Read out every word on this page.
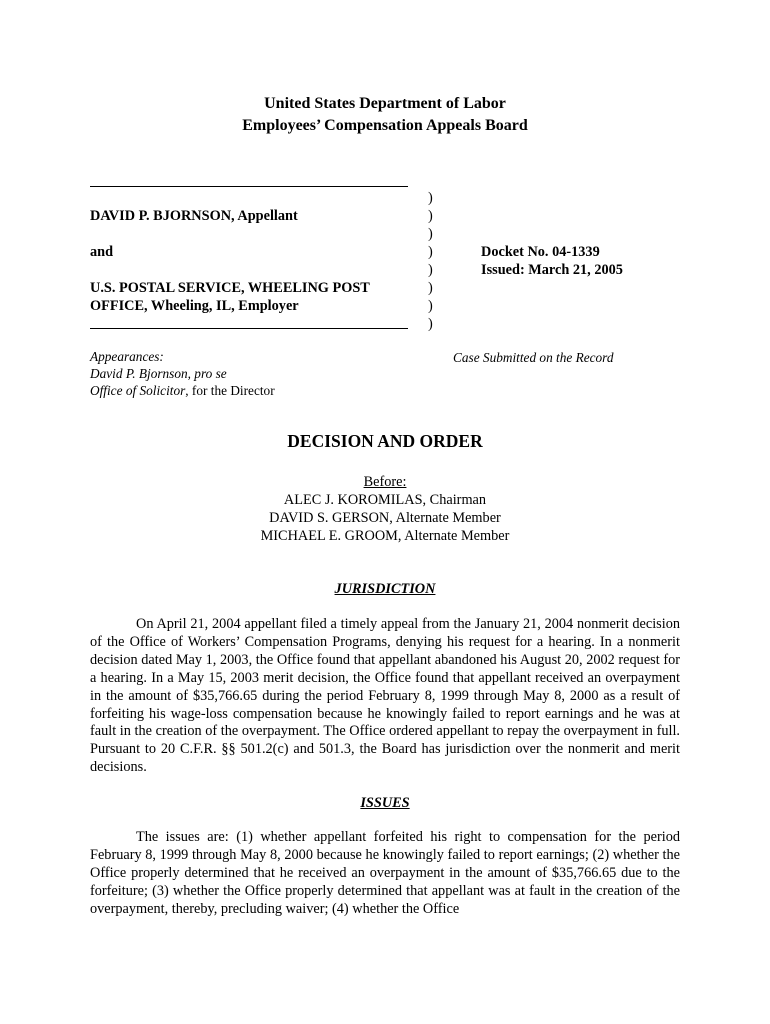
United States Department of Labor
Employees’ Compensation Appeals Board
DAVID P. BJORNSON, Appellant
and
U.S. POSTAL SERVICE, WHEELING POST
OFFICE, Wheeling, IL, Employer
)
)
)
)
)
)
)
)
Docket No. 04-1339
Issued: March 21, 2005
Appearances:
David P. Bjornson, pro se
Office of Solicitor, for the Director
Case Submitted on the Record
DECISION AND ORDER
Before:
ALEC J. KOROMILAS, Chairman
DAVID S. GERSON, Alternate Member
MICHAEL E. GROOM, Alternate Member
JURISDICTION
On April 21, 2004 appellant filed a timely appeal from the January 21, 2004 nonmerit decision of the Office of Workers’ Compensation Programs, denying his request for a hearing. In a nonmerit decision dated May 1, 2003, the Office found that appellant abandoned his August 20, 2002 request for a hearing. In a May 15, 2003 merit decision, the Office found that appellant received an overpayment in the amount of $35,766.65 during the period February 8, 1999 through May 8, 2000 as a result of forfeiting his wage-loss compensation because he knowingly failed to report earnings and he was at fault in the creation of the overpayment. The Office ordered appellant to repay the overpayment in full. Pursuant to 20 C.F.R. §§ 501.2(c) and 501.3, the Board has jurisdiction over the nonmerit and merit decisions.
ISSUES
The issues are: (1) whether appellant forfeited his right to compensation for the period February 8, 1999 through May 8, 2000 because he knowingly failed to report earnings; (2) whether the Office properly determined that he received an overpayment in the amount of $35,766.65 due to the forfeiture; (3) whether the Office properly determined that appellant was at fault in the creation of the overpayment, thereby, precluding waiver; (4) whether the Office
